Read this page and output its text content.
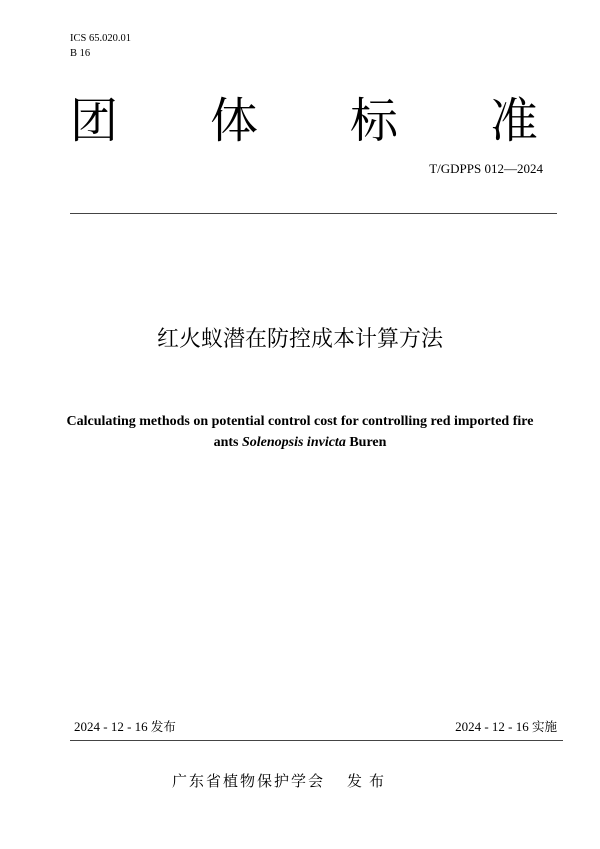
ICS 65.020.01
B 16
团 体 标 准
T/GDPPS 012—2024
红火蚁潜在防控成本计算方法
Calculating methods on potential control cost for controlling red imported fire
ants Solenopsis invicta Buren
2024 - 12 - 16 发布	2024 - 12 - 16 实施
广东省植物保护学会 发布
